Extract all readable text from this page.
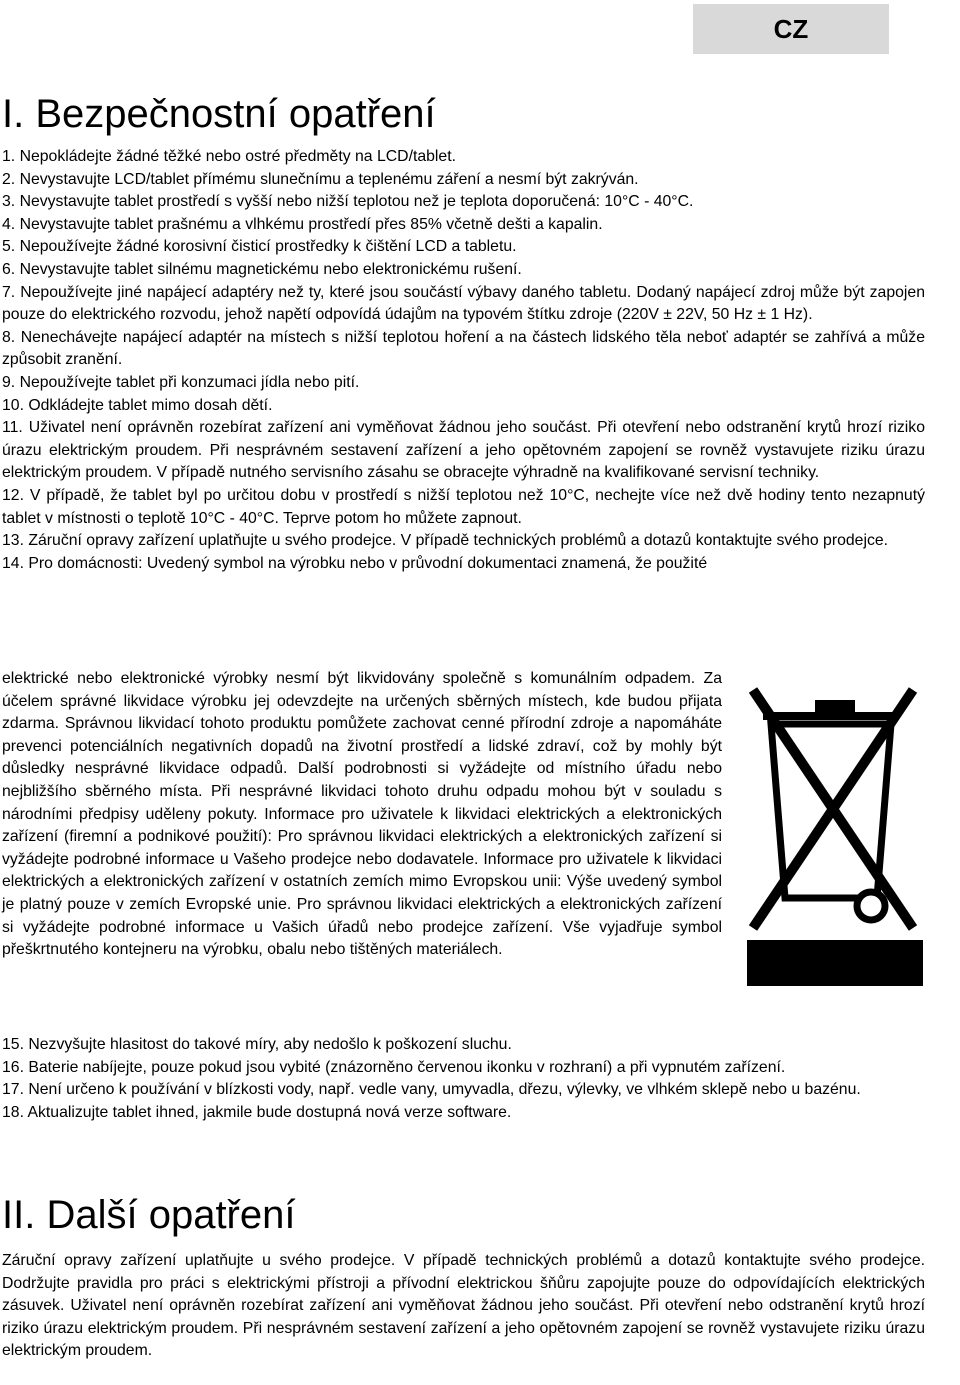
CZ
I. Bezpečnostní opatření

1. Nepokládejte žádné těžké nebo ostré předměty na LCD/tablet.

2. Nevystavujte LCD/tablet přímému slunečnímu a teplenému záření a nesmí být zakrýván.

3. Nevystavujte tablet prostředí s vyšší nebo nižší teplotou než je teplota doporučená: 10°C - 40°C.

4. Nevystavujte tablet prašnému a vlhkému prostředí přes 85% včetně dešti a kapalin.

5. Nepoužívejte žádné korosivní čisticí prostředky k čištění LCD a tabletu.

6. Nevystavujte tablet silnému magnetickému nebo elektronickému rušení.

7. Nepoužívejte jiné napájecí adaptéry než ty, které jsou součástí výbavy daného tabletu. Dodaný napájecí zdroj může být zapojen pouze do elektrického rozvodu, jehož napětí odpovídá údajům na typovém štítku zdroje (220V ± 22V, 50 Hz ± 1 Hz).

8. Nenechávejte napájecí adaptér na místech s nižší teplotou hoření a na částech lidského těla neboť adaptér se zahřívá a může způsobit zranění.

9. Nepoužívejte tablet při konzumaci jídla nebo pití.

10. Odkládejte tablet mimo dosah dětí.

11. Uživatel není oprávněn rozebírat zařízení ani vyměňovat žádnou jeho součást. Při otevření nebo odstranění krytů hrozí riziko úrazu elektrickým proudem. Při nesprávném sestavení zařízení a jeho opětovném zapojení se rovněž vystavujete riziku úrazu elektrickým proudem. V případě nutného servisního zásahu se obracejte výhradně na kvalifikované servisní techniky.

12. V případě, že tablet byl po určitou dobu v prostředí s nižší teplotou než 10°C, nechejte více než dvě hodiny tento nezapnutý tablet v místnosti o teplotě 10°C - 40°C. Teprve potom ho můžete zapnout.

13. Záruční opravy zařízení uplatňujte u svého prodejce. V případě technických problémů a dotazů kontaktujte svého prodejce.

14. Pro domácnosti: Uvedený symbol na výrobku nebo v průvodní dokumentaci znamená, že použité

elektrické nebo elektronické výrobky nesmí být likvidovány společně s komunálním odpadem. Za účelem správné likvidace výrobku jej odevzdejte na určených sběrných místech, kde budou přijata zdarma. Správnou likvidací tohoto produktu pomůžete zachovat cenné přírodní zdroje a napomáháte prevenci potenciálních negativních dopadů na životní prostředí a lidské zdraví, což by mohly být důsledky nesprávné likvidace odpadů. Další podrobnosti si vyžádejte od místního úřadu nebo nejbližšího sběrného místa. Při nesprávné likvidaci tohoto druhu odpadu mohou být v souladu s národními předpisy uděleny pokuty. Informace pro uživatele k likvidaci elektrických a elektronických zařízení (firemní a podnikové použití): Pro správnou likvidaci elektrických a elektronických zařízení si vyžádejte podrobné informace u Vašeho prodejce nebo dodavatele. Informace pro uživatele k likvidaci elektrických a elektronických zařízení v ostatních zemích mimo Evropskou unii: Výše uvedený symbol je platný pouze v zemích Evropské unie. Pro správnou likvidaci elektrických a elektronických zařízení si vyžádejte podrobné informace u Vašich úřadů nebo prodejce zařízení. Vše vyjadřuje symbol přeškrtnutého kontejneru na výrobku, obalu nebo tištěných materiálech.

15. Nezvyšujte hlasitost do takové míry, aby nedošlo k poškození sluchu.

16. Baterie nabíjejte, pouze pokud jsou vybité (znázorněno červenou ikonku v rozhraní) a při vypnutém zařízení.

17. Není určeno k používání v blízkosti vody, např. vedle vany, umyvadla, dřezu, výlevky, ve vlhkém sklepě nebo u bazénu.

18. Aktualizujte tablet ihned, jakmile bude dostupná nová verze software.

II. Další opatření
Záruční opravy zařízení uplatňujte u svého prodejce. V případě technických problémů a dotazů kontaktujte svého prodejce. Dodržujte pravidla pro práci s elektrickými přístroji a přívodní elektrickou šňůru zapojujte pouze do odpovídajících elektrických zásuvek. Uživatel není oprávněn rozebírat zařízení ani vyměňovat žádnou jeho součást. Při otevření nebo odstranění krytů hrozí riziko úrazu elektrickým proudem. Při nesprávném sestavení zařízení a jeho opětovném zapojení se rovněž vystavujete riziku úrazu elektrickým proudem.
